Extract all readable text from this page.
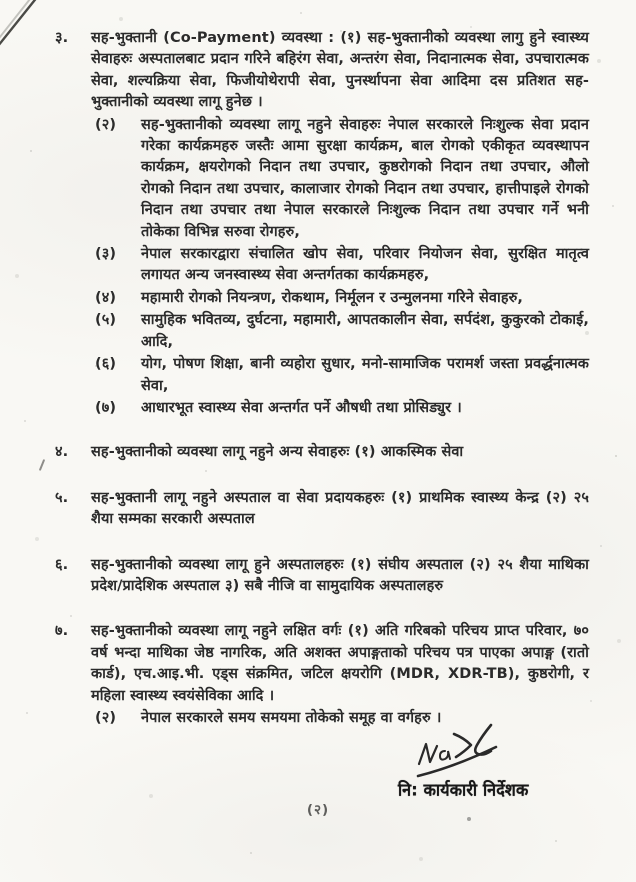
३.	सह-भुक्तानी (Co-Payment) व्यवस्था : (१) सह-भुक्तानीको व्यवस्था लागु हुने स्वास्थ्य सेवाहरुः अस्पतालबाट प्रदान गरिने बहिरंग सेवा, अन्तरंग सेवा, निदानात्मक सेवा, उपचारात्मक सेवा, शल्यक्रिया सेवा, फिजीयोथेरापी सेवा, पुनर्स्थापना सेवा आदिमा दस प्रतिशत सह-भुक्तानीको व्यवस्था लागू हुनेछ ।

(२)	सह-भुक्तानीको व्यवस्था लागू नहुने सेवाहरुः नेपाल सरकारले निःशुल्क सेवा प्रदान गरेका कार्यक्रमहरु जस्तैः आमा सुरक्षा कार्यक्रम, बाल रोगको एकीकृत व्यवस्थापन कार्यक्रम, क्षयरोगको निदान तथा उपचार, कुष्ठरोगको निदान तथा उपचार, औलो रोगको निदान तथा उपचार, कालाजार रोगको निदान तथा उपचार, हात्तीपाइले रोगको निदान तथा उपचार तथा नेपाल सरकारले निःशुल्क निदान तथा उपचार गर्ने भनी तोकेका विभिन्न सरुवा रोगहरु,

(३)	नेपाल सरकारद्वारा संचालित खोप सेवा, परिवार नियोजन सेवा, सुरक्षित मातृत्व लगायत अन्य जनस्वास्थ्य सेवा अन्तर्गतका कार्यक्रमहरु,

(४)	महामारी रोगको नियन्त्रण, रोकथाम, निर्मूलन र उन्मुलनमा गरिने सेवाहरु,

(५)	सामुहिक भवितव्य, दुर्घटना, महामारी, आपतकालीन सेवा, सर्पदंश, कुकुरको टोकाई, आदि,

(६)	योग, पोषण शिक्षा, बानी व्यहोरा सुधार, मनो-सामाजिक परामर्श जस्ता प्रवर्द्धनात्मक सेवा,

(७)	आधारभूत स्वास्थ्य सेवा अन्तर्गत पर्ने औषधी तथा प्रोसिड्युर ।

४.	सह-भुक्तानीको व्यवस्था लागू नहुने अन्य सेवाहरुः (१) आकस्मिक सेवा

५.	सह-भुक्तानी लागू नहुने अस्पताल वा सेवा प्रदायकहरुः (१) प्राथमिक स्वास्थ्य केन्द्र (२) २५ शैया सम्मका सरकारी अस्पताल

६.	सह-भुक्तानीको व्यवस्था लागू हुने अस्पतालहरुः (१) संघीय अस्पताल (२) २५ शैया माथिका प्रदेश/प्रादेशिक अस्पताल ३) सबै नीजि वा सामुदायिक अस्पतालहरु

७.	सह-भुक्तानीको व्यवस्था लागू नहुने लक्षित वर्गः (१) अति गरिबको परिचय प्राप्त परिवार, ७० वर्ष भन्दा माथिका जेष्ठ नागरिक, अति अशक्त अपाङ्गताको परिचय पत्र पाएका अपाङ्ग (रातो कार्ड), एच.आइ.भी. एड्स संक्रमित, जटिल क्षयरोगि (MDR, XDR-TB), कुष्ठरोगी, र महिला स्वास्थ्य स्वयंसेविका आदि ।

(२)	नेपाल सरकारले समय समयमा तोकेको समूह वा वर्गहरु ।

नि: कार्यकारी निर्देशक
(२)
